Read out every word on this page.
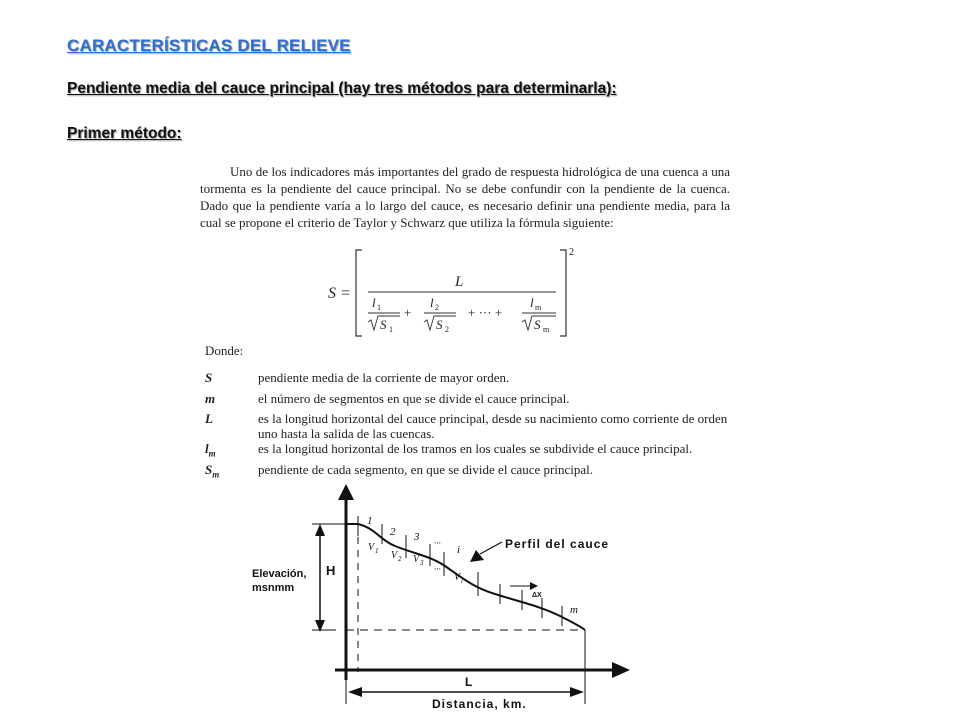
CARACTERÍSTICAS DEL RELIEVE
Pendiente media del cauce principal (hay tres métodos para determinarla):
Primer método:

Uno de los indicadores más importantes del grado de respuesta hidrológica de una cuenca a una tormenta es la pendiente del cauce principal. No se debe confundir con la pendiente de la cuenca. Dado que la pendiente varía a lo largo del cauce, es necesario definir una pendiente media, para la cual se propone el criterio de Taylor y Schwarz que utiliza la fórmula siguiente:

S =
2
L
l 1
S 1
+
l 2
S 2
+ ··· +
l m
S m
Donde:
S	pendiente media de la corriente de mayor orden.
m	el número de segmentos en que se divide el cauce principal.
L	es la longitud horizontal del cauce principal, desde su nacimiento como corriente de orden uno hasta la salida de las cuencas.
$l_m$	es la longitud horizontal de los tramos en los cuales se subdivide el cauce principal.
$S_m$	pendiente de cada segmento, en que se divide el cauce principal.
Elevación,
msnmm
H
L
Distancia, km.
Perfil del cauce
ΔX
1
2 3 ···
i
···
m
V 1 V 2 V 3
V i
